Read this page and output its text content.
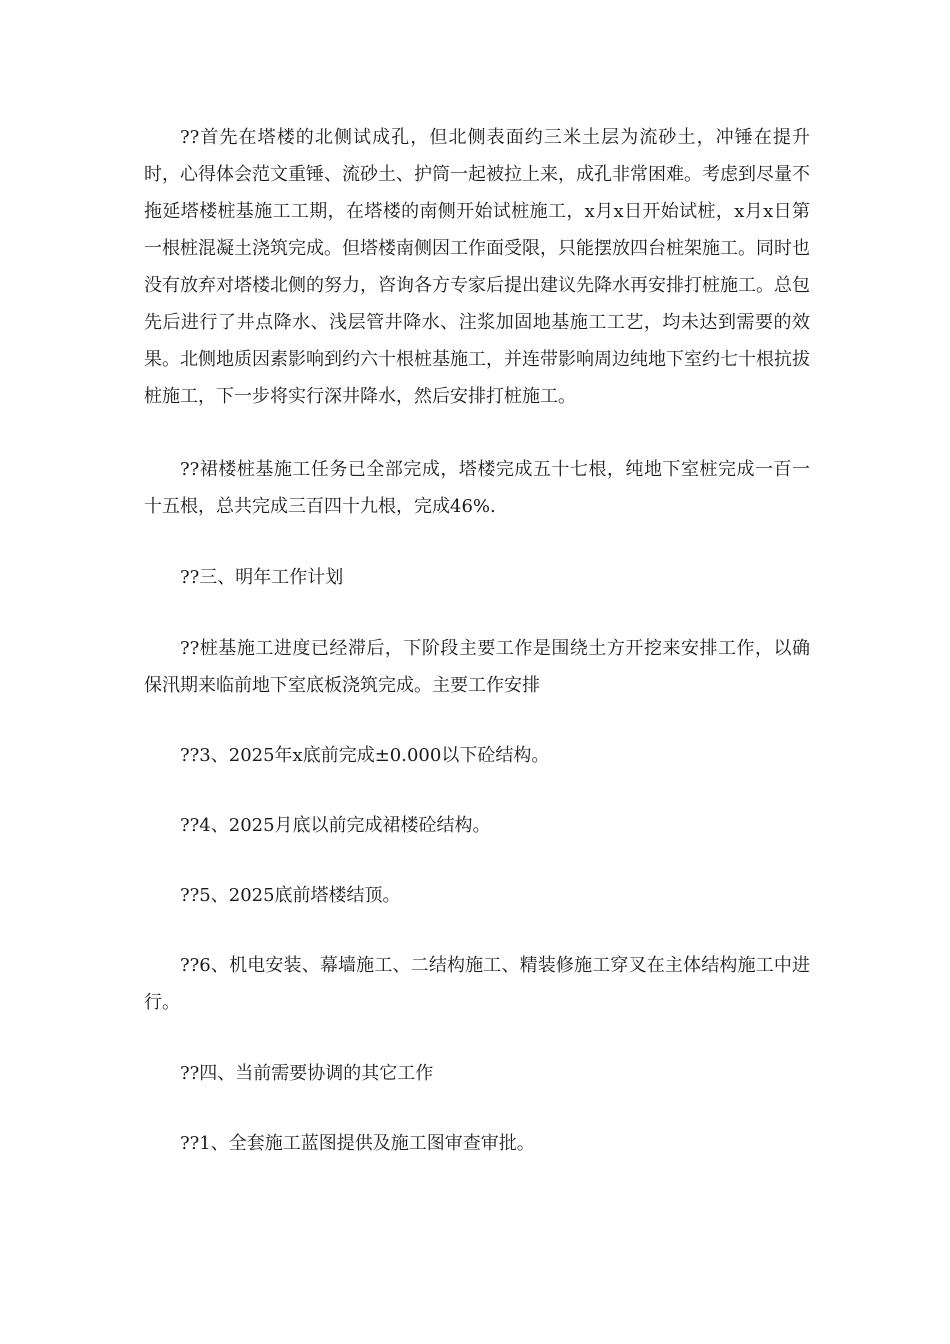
??首先在塔楼的北侧试成孔，但北侧表面约三米土层为流砂土，冲锤在提升时，心得体会范文重锤、流砂土、护筒一起被拉上来，成孔非常困难。考虑到尽量不拖延塔楼桩基施工工期，在塔楼的南侧开始试桩施工，x月x日开始试桩，x月x日第一根桩混凝土浇筑完成。但塔楼南侧因工作面受限，只能摆放四台桩架施工。同时也没有放弃对塔楼北侧的努力，咨询各方专家后提出建议先降水再安排打桩施工。总包先后进行了井点降水、浅层管井降水、注浆加固地基施工工艺，均未达到需要的效果。北侧地质因素影响到约六十根桩基施工，并连带影响周边纯地下室约七十根抗拔桩施工，下一步将实行深井降水，然后安排打桩施工。

??裙楼桩基施工任务已全部完成，塔楼完成五十七根，纯地下室桩完成一百一十五根，总共完成三百四十九根，完成46%.

??三、明年工作计划

??桩基施工进度已经滞后，下阶段主要工作是围绕土方开挖来安排工作，以确保汛期来临前地下室底板浇筑完成。主要工作安排

??3、2025年x底前完成±0.000以下砼结构。

??4、2025月底以前完成裙楼砼结构。

??5、2025底前塔楼结顶。

??6、机电安装、幕墙施工、二结构施工、精装修施工穿叉在主体结构施工中进行。

??四、当前需要协调的其它工作

??1、全套施工蓝图提供及施工图审查审批。
